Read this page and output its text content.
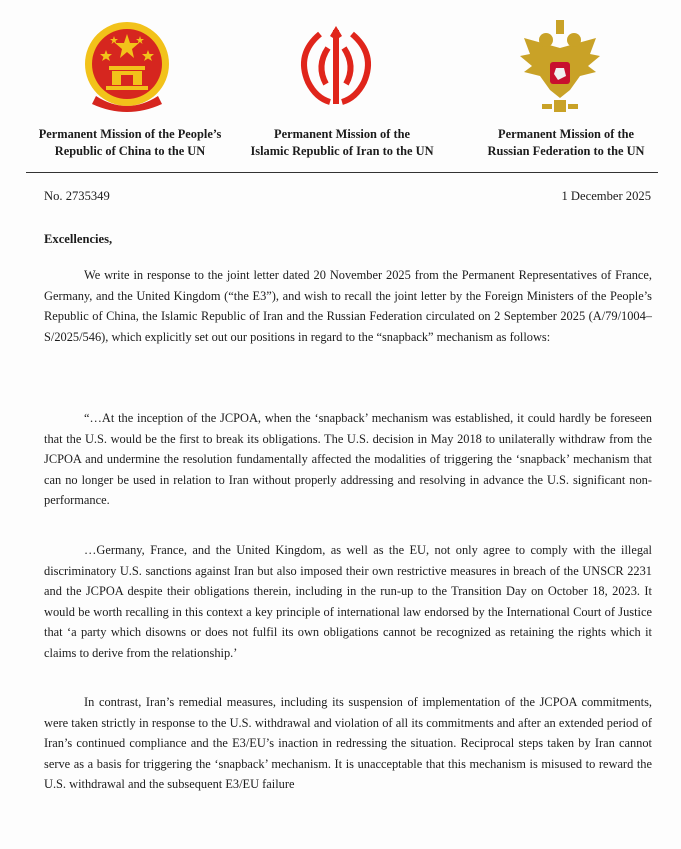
Permanent Mission of the People’s
Republic of China to the UN
Permanent Mission of the
Islamic Republic of Iran to the UN
Permanent Mission of the
Russian Federation to the UN
No. 2735349	1 December 2025
Excellencies,

We write in response to the joint letter dated 20 November 2025 from the Permanent Representatives of France, Germany, and the United Kingdom (“the E3”), and wish to recall the joint letter by the Foreign Ministers of the People’s Republic of China, the Islamic Republic of Iran and the Russian Federation circulated on 2 September 2025 (A/79/1004–S/2025/546), which explicitly set out our positions in regard to the “snapback” mechanism as follows:

“…At the inception of the JCPOA, when the ‘snapback’ mechanism was established, it could hardly be foreseen that the U.S. would be the first to break its obligations. The U.S. decision in May 2018 to unilaterally withdraw from the JCPOA and undermine the resolution fundamentally affected the modalities of triggering the ‘snapback’ mechanism that can no longer be used in relation to Iran without properly addressing and resolving in advance the U.S. significant non-performance.

…Germany, France, and the United Kingdom, as well as the EU, not only agree to comply with the illegal discriminatory U.S. sanctions against Iran but also imposed their own restrictive measures in breach of the UNSCR 2231 and the JCPOA despite their obligations therein, including in the run-up to the Transition Day on October 18, 2023. It would be worth recalling in this context a key principle of international law endorsed by the International Court of Justice that ‘a party which disowns or does not fulfil its own obligations cannot be recognized as retaining the rights which it claims to derive from the relationship.’

In contrast, Iran’s remedial measures, including its suspension of implementation of the JCPOA commitments, were taken strictly in response to the U.S. withdrawal and violation of all its commitments and after an extended period of Iran’s continued compliance and the E3/EU’s inaction in redressing the situation. Reciprocal steps taken by Iran cannot serve as a basis for triggering the ‘snapback’ mechanism. It is unacceptable that this mechanism is misused to reward the U.S. withdrawal and the subsequent E3/EU failure
